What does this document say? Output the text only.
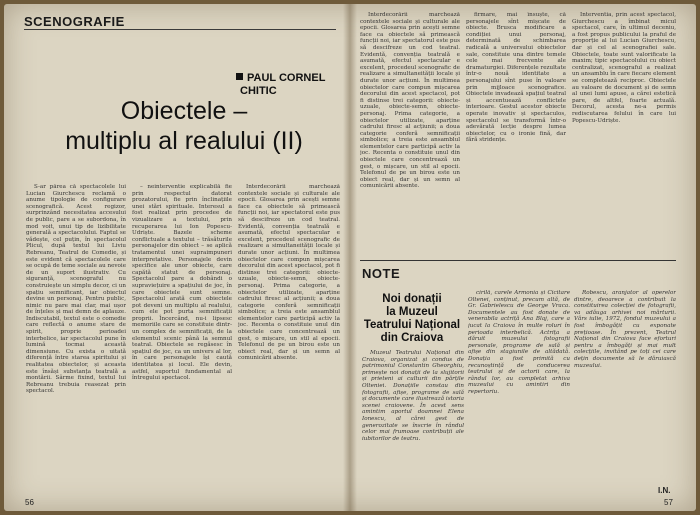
SCENOGRAFIE
PAUL CORNEL
CHITIC
Obiectele –
multiplu al realului (II)

S-ar părea că spectacolele lui Lucian Giurchescu reclamă o anume tipologie de configurare scenografică. Acest regizor, surprinzând necesitatea accesului de public, pare a se subordona, în mod voit, unui tip de lizibilitate generală a spectacolului. Faptul se vădește, cel puțin, în spectacolul Plicul, după textul lui Liviu Rebreanu, Teatrul de Comedie, și este evident că spectacolele care se ocupă de teme sociale au nevoie de un suport ilustrativ. Cu siguranță, scenograful nu construiește un simplu decor, ci un spațiu semnificant, iar obiectul devine un personaj. Pentru public, nimic nu pare mai clar, mai ușor de înțeles și mai demn de aplauze. Indiscutabil, textul este o comedie care reflectă o anume stare de spirit, proprie perioadei interbelice, iar spectacolul pune în lumină tocmai această dimensiune. Cu exista o uitată diferență între starea spiritului și realitatea obiectelor, și aceasta este însăși substanța teatrală a montării. Sârme fixind, textul lui Rebreanu trebuia reasezat prin spectacol.

– neinterventie explicabilă fie prin respectul datorat prozatorului, fie prin înclinațiile unei stări spirituale. Interesul a fost realizat prin procedee de vizualizare a textului, prin recuperarea lui Ion Popescu-Udriște. Bazele scheme conflictuale a textului – trăsăturile personajelor din obiect – se aplică tratamentul unei supraimpuneri interpretative. Personajele devin specifice ale unor obiecte, care capătă statut de personaj. Spectacolul pare a dobândi o supraviețuire a spațiului de joc, în care obiectele sunt semne. Spectacolul arată cum obiectele pot deveni un multiplu al realului, cum ele pot purta semnificații proprii. Încercând, nu-i lipsesc memoriile care se constituie dintr-un complex de semnificații, de la elementul scenic până la semnul teatral. Obiectele se regăsesc în spațiul de joc, ca un univers al lor, în care personajele își caută identitatea și locul. Ele devin, astfel, suportul fundamental al întregului spectacol.

Interdecorării marchează contextele sociale și culturale ale epocii. Glosarea prin acești semne face ca obiectele să primească funcții noi, iar spectatorul este pus să descifreze un cod teatral. Evidentă, convenția teatrală e asumată, efectul spectacular e excelent, procedeul scenografic de realizare a simultaneității locale și durate unor acțiuni. În multimea obiectelor care compun mișcarea decorului din acest spectacol, pot fi distinse trei categorii: obiecte-uzuale, obiecte-semn, obiecte-personaj. Prima categorie, a obiectelor utilizate, aparține cadrului firesc al acțiunii; a doua categorie conferă semnificații simbolice; a treia este ansamblul elementelor care participă activ la joc. Recenta o constituie unul din obiectele care concentrează un gest, o mișcare, un stil al epocii. Telefonul de pe un birou este un obiect real, dar și un semn al comunicării absente.

56

Interdecorării marchează contextele sociale și culturale ale epocii. Glosarea prin acești semne face ca obiectele să primească funcții noi, iar spectatorul este pus să descifreze un cod teatral. Evidentă, convenția teatrală e asumată, efectul spectacular e excelent, procedeul scenografic de realizare a simultaneității locale și durate unor acțiuni. În multimea obiectelor care compun mișcarea decorului din acest spectacol, pot fi distinse trei categorii: obiecte-uzuale, obiecte-semn, obiecte-personaj. Prima categorie, a obiectelor utilizate, aparține cadrului firesc al acțiunii; a doua categorie conferă semnificații simbolice; a treia este ansamblul elementelor care participă activ la joc. Recenta o constituie unul din obiectele care concentrează un gest, o mișcare, un stil al epocii. Telefonul de pe un birou este un obiect real, dar și un semn al comunicării absente.

firmare, mai însuște, că personajele sînt mișcate de obiecte. Brusca modificare a condiției unui personaj, determinată de schimbarea radicală a universului obiectelor sale, constituie una dintre temele cele mai frecvente ale dramaturgiei. Diferențele rezultate într-o nouă identitate a personajului sînt puse în valoare prin mijloace scenografice. Obiectele invadează spațiul teatral și accentuează conflictele interioare. Gestul acestor obiecte operate inovativ și spectaculos, spectacolul se transformă într-o adevărată lecție despre lumea obiectelor, cu o ironie fină, dar fără stridențe.

Interventia, prin acest spectacol, Giurchescu a îmbinat micul spectacol, care, în ultimul deceniu, a fost propus publicului la praful de proporție al lui Lucian Giurchescu, dar și cel al scenografiei sale. Obiectele, toate sunt valorificate la maxim; tipic spectacolului cu obiect centralizat, scenograful a realizat un ansamblu în care fiecare element se completează reciproc. Obiectele au valoare de document și de semn al unei lumi apuse, a cărei estetică pare, de altfel, foarte actuală. Decorul, acesta ne-a permis rediscutarea felului în care lui Popescu-Udriște.

NOTE
Noi donații
la Muzeul
Teatrului Național
din Craiova

Muzeul Teatrului Național din Craiova, organizat și condus de patrimoniul Constantin Gheorghiu, primește noi donații de la slujitorii și prieteni ai culturii din părțile Olteniei. Donațiile constau din fotografii, afișe, programe de sală și documente care ilustrează istoria scenei craiovene. În acest sens amintim aportul doamnei Elena Ionescu, al cărei gest de generozitate se înscrie în rândul celor mai frumoase contribuții ale iubitorilor de teatru.

cirilă, carele Armonia și Cicitare Oltenei, conținut, precum altă, de Gr. Gabrielescu de George Vraca. Documentele au fost donate de venerabila actriță Ana Blaj, care a jucat la Craiova în multe roluri în perioada interbelică. Actrița a dăruit muzeului fotografii personale, programe de sală și afișe din stagiunile de altădată. Donația a fost primită cu recunoștință de conducerea teatrului și de actorii care, la rândul lor, au completat arhiva muzeului cu amintiri din repertoriu.

Robescu, aranjator al operelor dintre, deoarece a contribuit la constituirea colecției de fotografii, va adăuga arhivei noi mărturii. Vărs iulie, 1972, fondul muzeului a fost îmbogățit cu exponate prețioase. În prezent, Teatrul Național din Craiova face eforturi pentru a îmbogăți și mai mult colecțiile, invitând pe toți cei care dețin documente să le dăruiască muzeului.

I.N.
57
